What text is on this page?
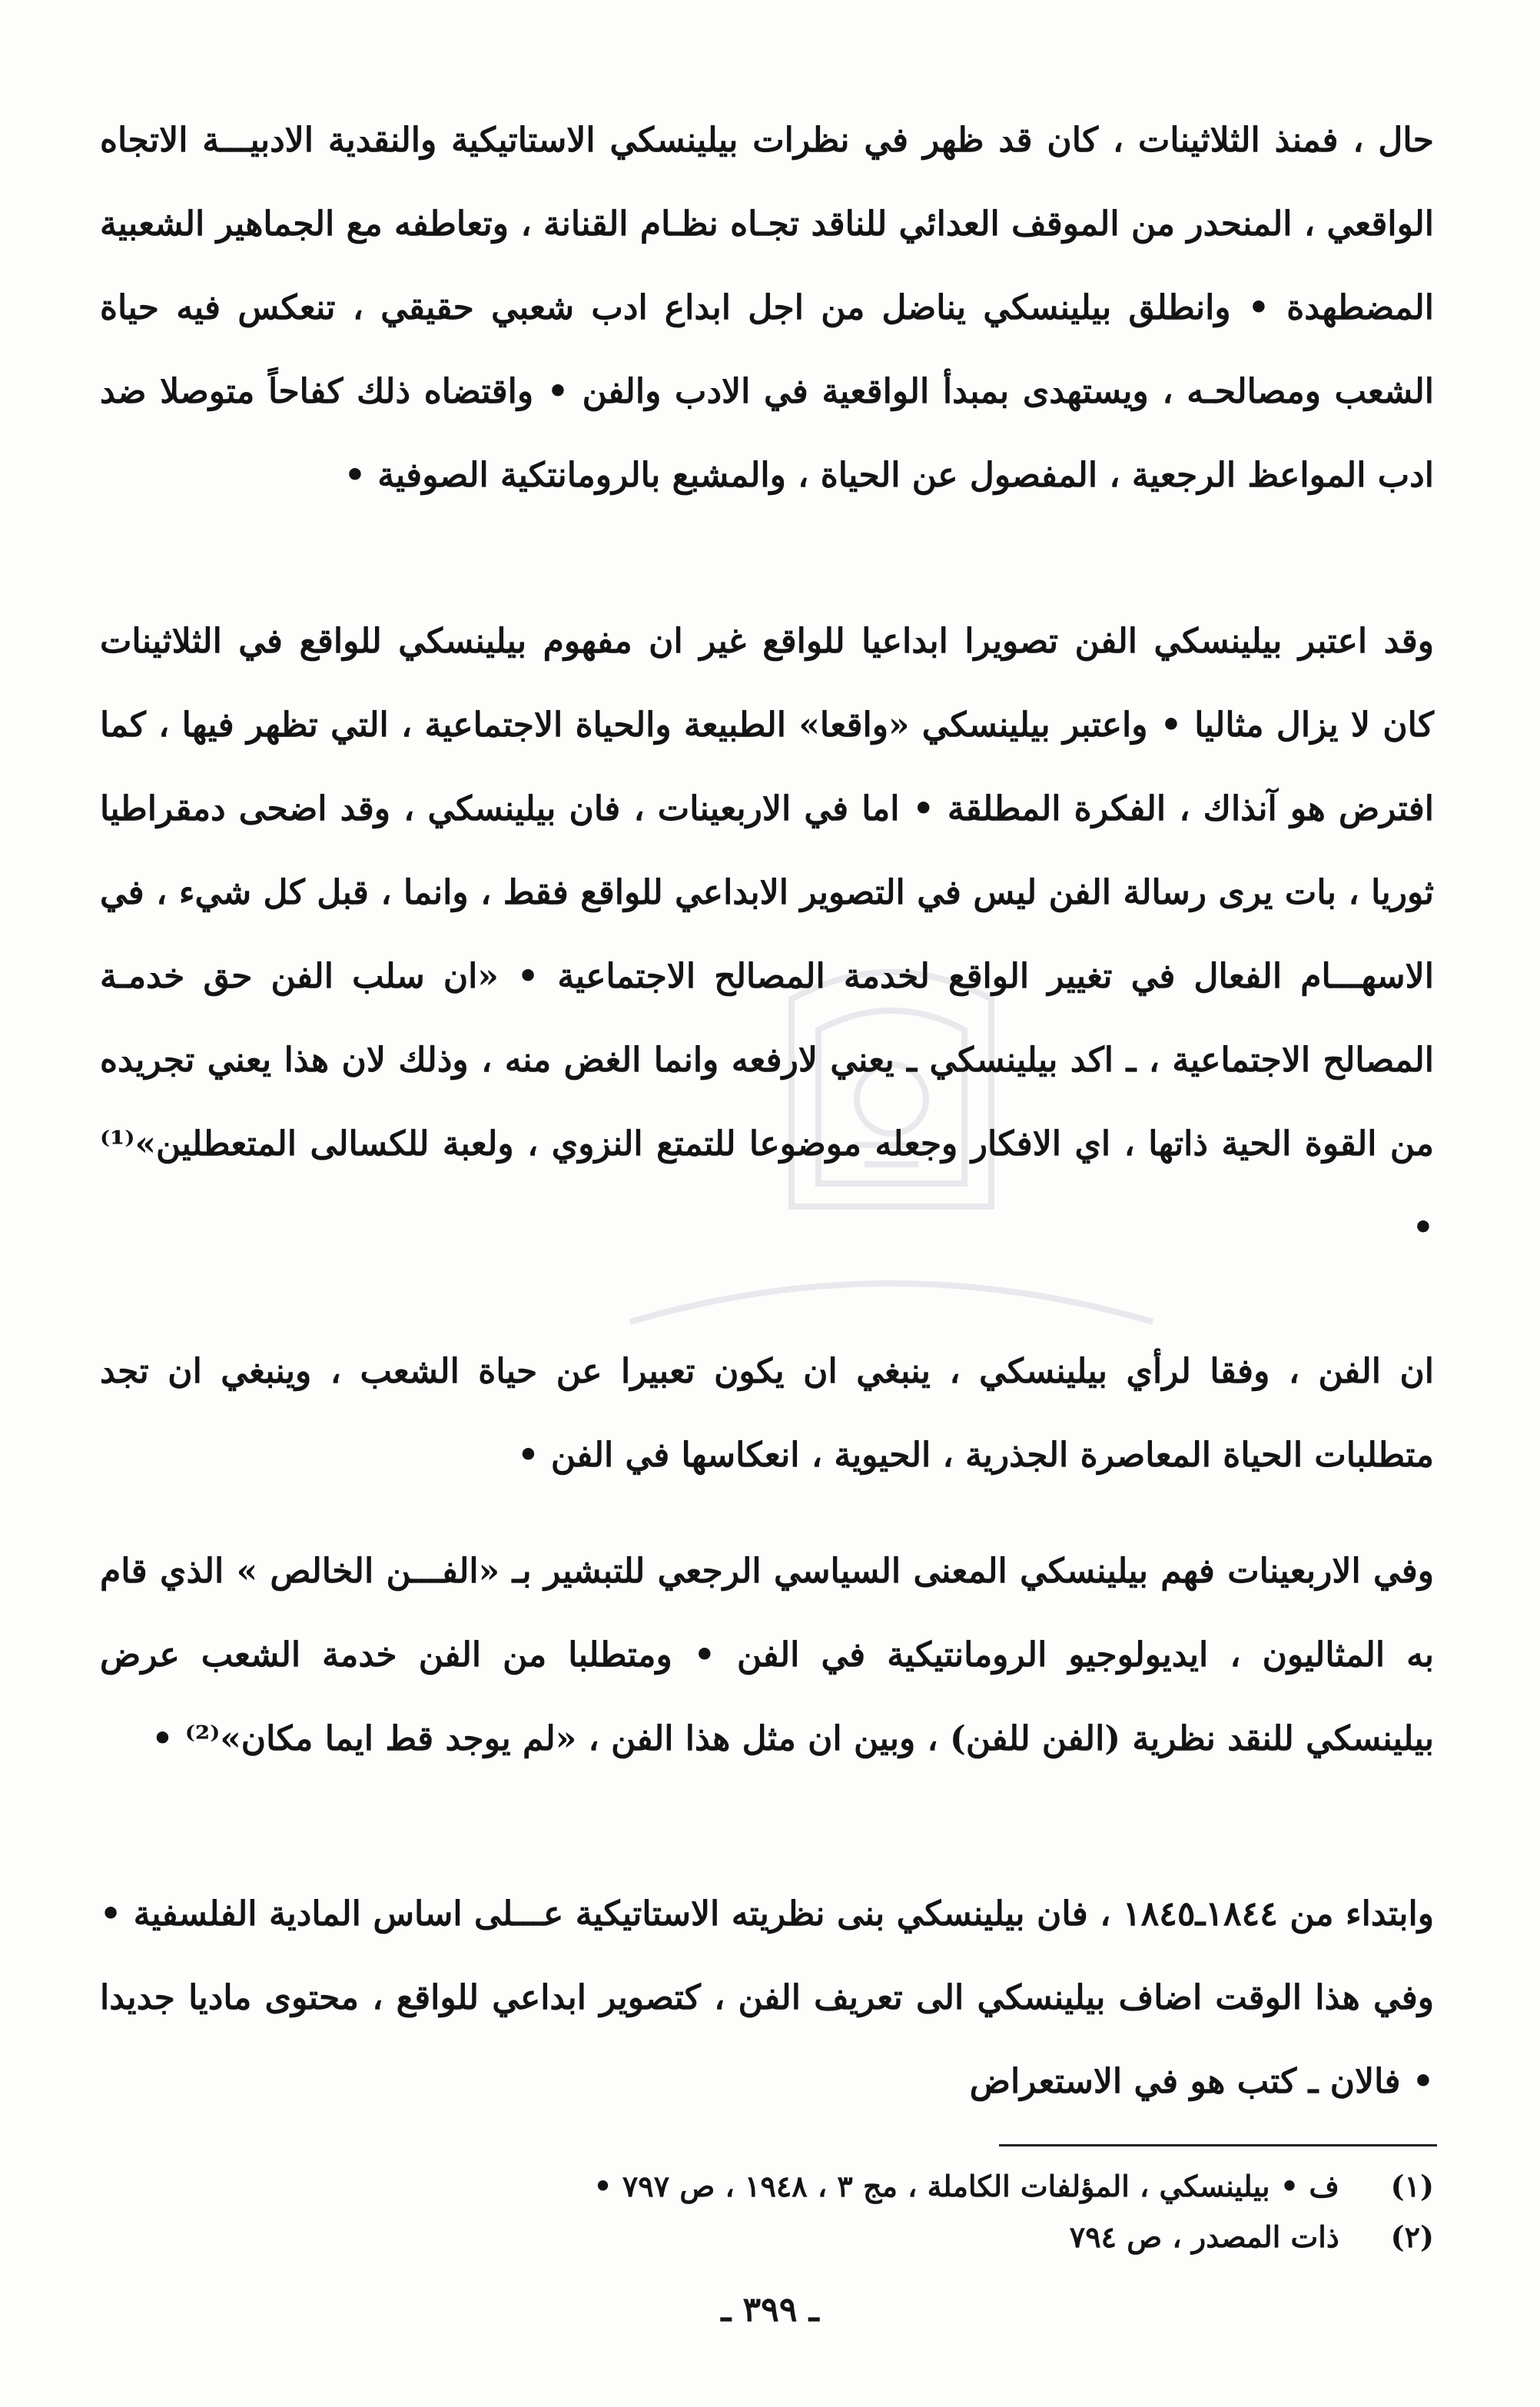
حال ، فمنذ الثلاثينات ، كان قد ظهر في نظرات بيلينسكي الاستاتيكية والنقدية الادبيـــة الاتجاه الواقعي ، المنحدر من الموقف العدائي للناقد تجـاه نظـام القنانة ، وتعاطفه مع الجماهير الشعبية المضطهدة • وانطلق بيلينسكي يناضل من اجل ابداع ادب شعبي حقيقي ، تنعكس فيه حياة الشعب ومصالحـه ، ويستهدى بمبدأ الواقعية في الادب والفن • واقتضاه ذلك كفاحاً متوصلا ضد ادب المواعظ الرجعية ، المفصول عن الحياة ، والمشبع بالرومانتكية الصوفية •
وقد اعتبر بيلينسكي الفن تصويرا ابداعيا للواقع غير ان مفهوم بيلينسكي للواقع في الثلاثينات كان لا يزال مثاليا • واعتبر بيلينسكي «واقعا» الطبيعة والحياة الاجتماعية ، التي تظهر فيها ، كما افترض هو آنذاك ، الفكرة المطلقة • اما في الاربعينات ، فان بيلينسكي ، وقد اضحى دمقراطيا ثوريا ، بات يرى رسالة الفن ليس في التصوير الابداعي للواقع فقط ، وانما ، قبل كل شيء ، في الاسهـــام الفعال في تغيير الواقع لخدمة المصالح الاجتماعية • «ان سلب الفن حق خدمـة المصالح الاجتماعية ، ـ اكد بيلينسكي ـ يعني لارفعه وانما الغض منه ، وذلك لان هذا يعني تجريده من القوة الحية ذاتها ، اي الافكار وجعله موضوعا للتمتع النزوي ، ولعبة للكسالى المتعطلين»⁽¹⁾ •
ان الفن ، وفقا لرأي بيلينسكي ، ينبغي ان يكون تعبيرا عن حياة الشعب ، وينبغي ان تجد متطلبات الحياة المعاصرة الجذرية ، الحيوية ، انعكاسها في الفن •
وفي الاربعينات فهم بيلينسكي المعنى السياسي الرجعي للتبشير بـ «الفـــن الخالص » الذي قام به المثاليون ، ايديولوجيو الرومانتيكية في الفن • ومتطلبا من الفن خدمة الشعب عرض بيلينسكي للنقد نظرية (الفن للفن) ، وبين ان مثل هذا الفن ، «لم يوجد قط ايما مكان»⁽²⁾ •
وابتداء من ١٨٤٤ـ١٨٤٥ ، فان بيلينسكي بنى نظريته الاستاتيكية عـــلى اساس المادية الفلسفية • وفي هذا الوقت اضاف بيلينسكي الى تعريف الفن ، كتصوير ابداعي للواقع ، محتوى ماديا جديدا • فالان ـ كتب هو في الاستعراض
(١) ف • بيلينسكي ، المؤلفات الكاملة ، مج ٣ ، ١٩٤٨ ، ص ٧٩٧ •
(٢) ذات المصدر ، ص ٧٩٤
ـ ٣٩٩ ـ
